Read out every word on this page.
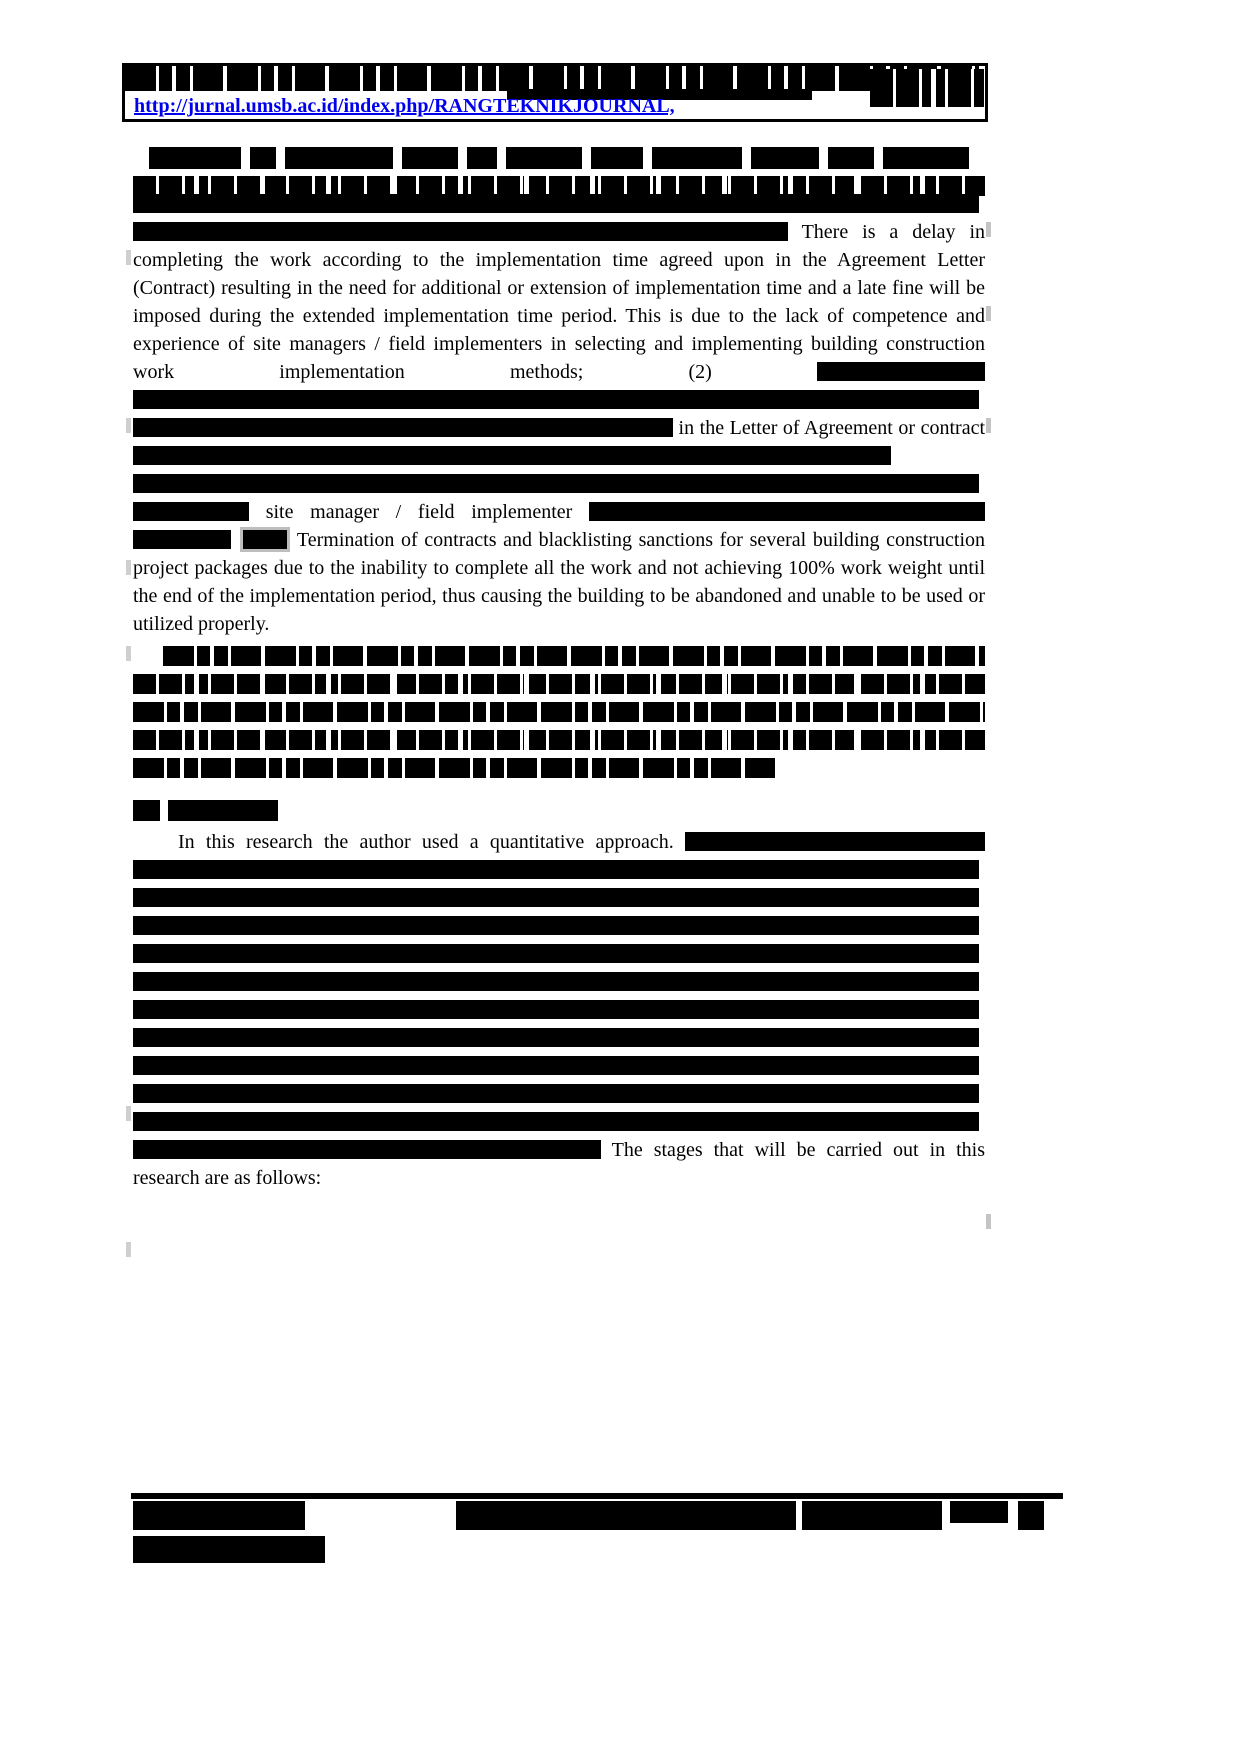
http://jurnal.umsb.ac.id/index.php/RANGTEKNIKJOURNAL,

There is a delay in completing the work according to the implementation time agreed upon in the Agreement Letter (Contract) resulting in the need for additional or extension of implementation time and a late fine will be imposed during the extended implementation time period. This is due to the lack of competence and experience of site managers / field implementers in selecting and implementing building construction work implementation methods; (2)    in the Letter of Agreement or contract    site manager / field implementer    Termination of contracts and blacklisting sanctions for several building construction project packages due to the inability to complete all the work and not achieving 100% work weight until the end of the implementation period, thus causing the building to be abandoned and unable to be used or utilized properly.

In this research the author used a quantitative approach.             The stages that will be carried out in this research are as follows:
